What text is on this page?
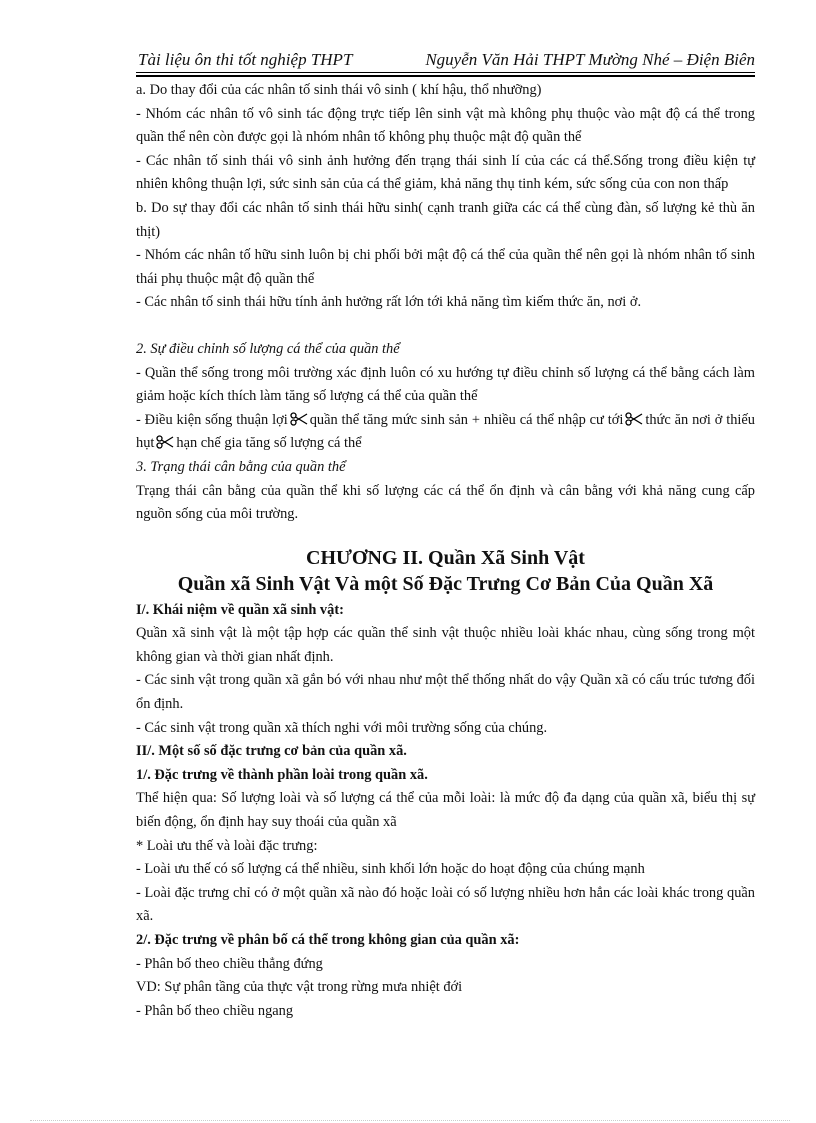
Tài liệu ôn thi tốt nghiệp THPT	Nguyễn Văn Hải THPT Mường Nhé – Điện Biên

a. Do thay đổi của các nhân tố sinh thái vô sinh ( khí hậu, thổ nhưỡng)

- Nhóm các nhân tố vô sinh tác động trực tiếp lên sinh vật mà không phụ thuộc vào mật độ cá thể trong quần thể nên còn được gọi là nhóm nhân tố không phụ thuộc mật độ quần thể

- Các nhân tố sinh thái vô sinh ảnh hưởng đến trạng thái sinh lí của các cá thể.Sống trong điều kiện tự nhiên không thuận lợi, sức sinh sản của cá thể giảm, khả năng thụ tinh kém, sức sống của con non thấp

b. Do sự thay đổi các nhân tố sinh thái hữu sinh( cạnh tranh giữa các cá thể cùng đàn, số lượng kẻ thù ăn thịt)

- Nhóm các nhân tố hữu sinh luôn bị chi phối bởi mật độ cá thể của quần thể nên gọi là nhóm nhân tố sinh thái phụ thuộc mật độ quần thể

- Các nhân tố sinh thái hữu tính ảnh hưởng rất lớn tới khả năng tìm kiếm thức ăn, nơi ở.

2. Sự điều chỉnh số lượng cá thể của quần thể

- Quần thể sống trong môi trường xác định luôn có xu hướng tự điều chỉnh số lượng cá thể bằng cách làm giảm hoặc kích thích làm tăng số lượng cá thể của quần thể

- Điều kiện sống thuận lợi quần thể tăng mức sinh sản + nhiều cá thể nhập cư tới thức ăn nơi ở thiếu hụt hạn chế gia tăng số lượng cá thể

3. Trạng thái cân bằng của quần thể

Trạng thái cân bằng của quần thể khi số lượng các cá thể ổn định và cân bằng với khả năng cung cấp nguồn sống của môi trường.

CHƯƠNG II. Quần Xã Sinh Vật
Quần xã Sinh Vật Và một Số Đặc Trưng Cơ Bản Của Quần Xã

I/. Khái niệm về quần xã sinh vật:

Quần xã sinh vật là một tập hợp các quần thể sinh vật thuộc nhiều loài khác nhau, cùng sống trong một không gian và thời gian nhất định.

- Các sinh vật trong quần xã gắn bó với nhau như một thể thống nhất do vậy Quần xã có cấu trúc tương đối ổn định.

- Các sinh vật trong quần xã thích nghi với môi trường sống của chúng.

II/. Một số số đặc trưng cơ bản của quần xã.

1/. Đặc trưng về thành phần loài trong quần xã.

Thể hiện qua: Số lượng loài và số lượng cá thể của mỗi loài: là mức độ đa dạng của quần xã, biểu thị sự biến động, ổn định hay suy thoái của quần xã

* Loài ưu thế và loài đặc trưng:

- Loài ưu thế có số lượng cá thể nhiều, sinh khối lớn hoặc do hoạt động của chúng mạnh

- Loài đặc trưng chỉ có ở một quần xã nào đó hoặc loài có số lượng nhiều hơn hẳn các loài khác trong quần xã.

2/. Đặc trưng về phân bố cá thể trong không gian của quần xã:

- Phân bố theo chiều thẳng đứng

VD: Sự phân tầng của thực vật trong rừng mưa nhiệt đới

- Phân bố theo chiều ngang
